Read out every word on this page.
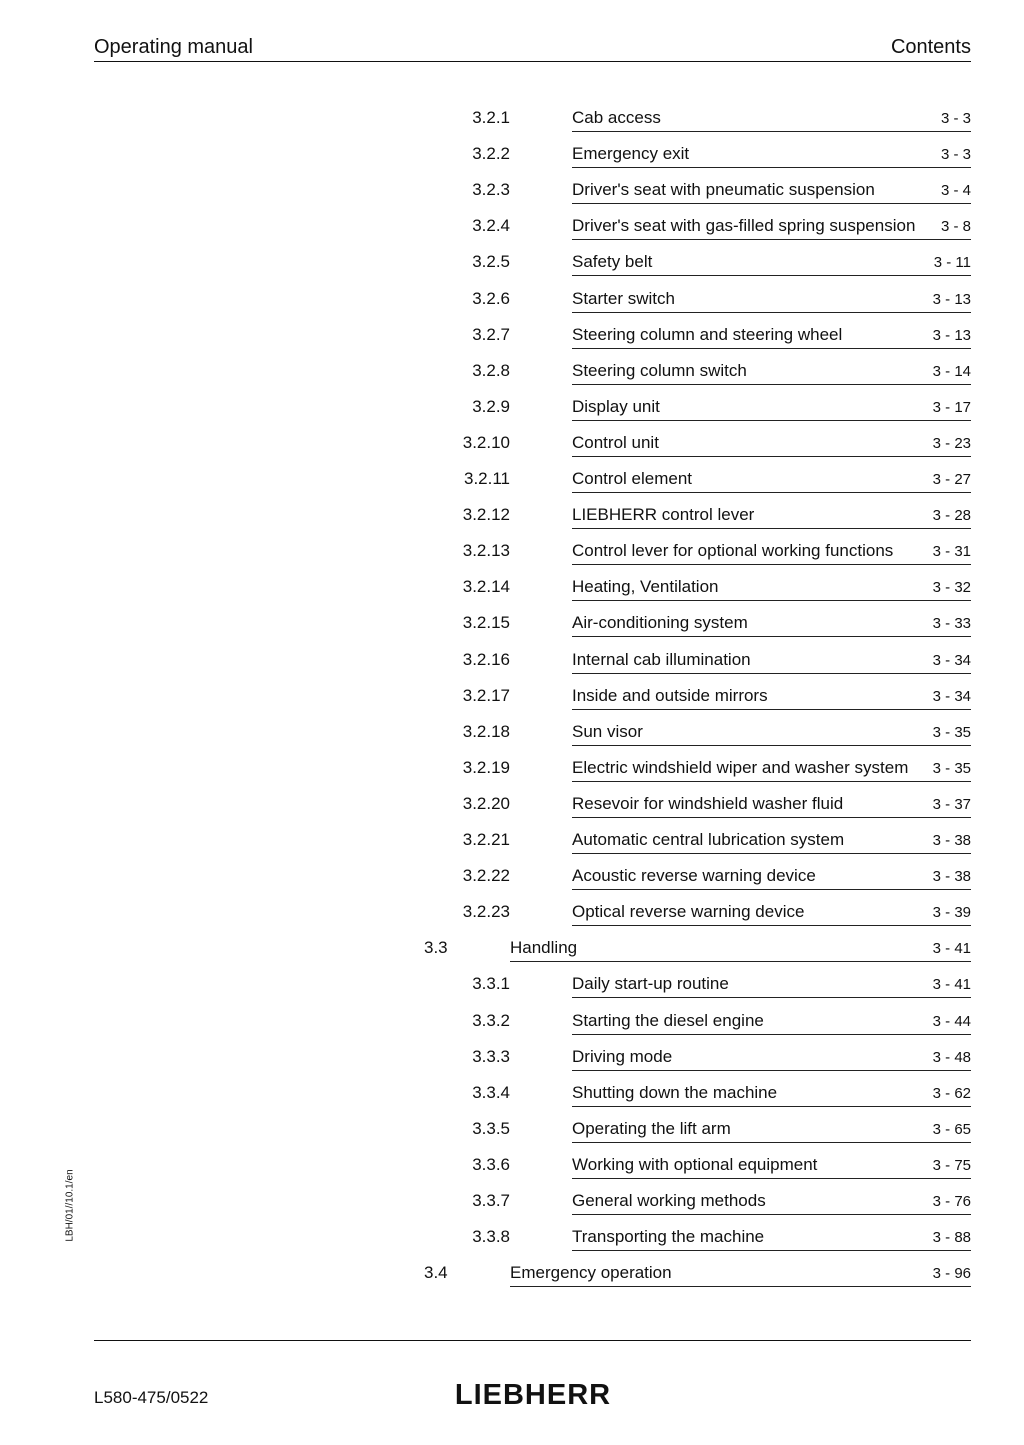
Operating manual	Contents
3.2.1	Cab access	3 - 3
3.2.2	Emergency exit	3 - 3
3.2.3	Driver's seat with pneumatic suspension	3 - 4
3.2.4	Driver's seat with gas-filled spring suspension 3 - 8
3.2.5	Safety belt	3 - 11
3.2.6	Starter switch	3 - 13
3.2.7	Steering column and steering wheel	3 - 13
3.2.8	Steering column switch	3 - 14
3.2.9	Display unit	3 - 17
3.2.10	Control unit	3 - 23
3.2.11	Control element	3 - 27
3.2.12	LIEBHERR control lever	3 - 28
3.2.13	Control lever for optional working functions	3 - 31
3.2.14	Heating, Ventilation	3 - 32
3.2.15	Air-conditioning system	3 - 33
3.2.16	Internal cab illumination	3 - 34
3.2.17	Inside and outside mirrors	3 - 34
3.2.18	Sun visor	3 - 35
3.2.19	Electric windshield wiper and washer system 3 - 35
3.2.20	Resevoir for windshield washer fluid	3 - 37
3.2.21	Automatic central lubrication system	3 - 38
3.2.22	Acoustic reverse warning device	3 - 38
3.2.23	Optical reverse warning device	3 - 39
3.3	Handling	3 - 41
3.3.1	Daily start-up routine	3 - 41
3.3.2	Starting the diesel engine	3 - 44
3.3.3	Driving mode	3 - 48
3.3.4	Shutting down the machine	3 - 62
3.3.5	Operating the lift arm	3 - 65
3.3.6	Working with optional equipment	3 - 75
3.3.7	General working methods	3 - 76
3.3.8	Transporting the machine	3 - 88
3.4	Emergency operation	3 - 96
LBH/01//10.1/en
L580-475/0522	LIEBHERR
